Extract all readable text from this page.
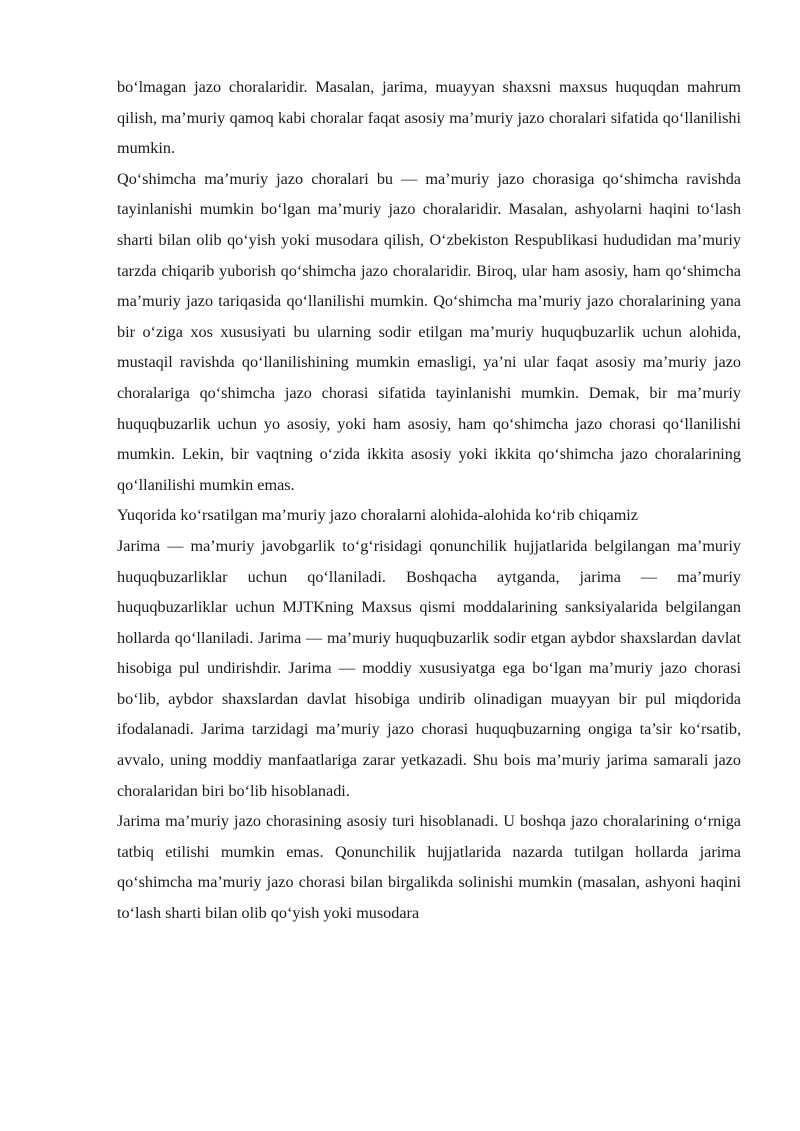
bo‘lmagan jazo choralaridir. Masalan, jarima, muayyan shaxsni maxsus huquqdan mahrum qilish, ma’muriy qamoq kabi choralar faqat asosiy ma’muriy jazo choralari sifatida qo‘llanilishi mumkin.

Qo‘shimcha ma’muriy jazo choralari bu — ma’muriy jazo chorasiga qo‘shimcha ravishda tayinlanishi mumkin bo‘lgan ma’muriy jazo choralaridir. Masalan, ashyolarni haqini to‘lash sharti bilan olib qo‘yish yoki musodara qilish, O‘zbekiston Respublikasi hududidan ma’muriy tarzda chiqarib yuborish qo‘shimcha jazo choralaridir. Biroq, ular ham asosiy, ham qo‘shimcha ma’muriy jazo tariqasida qo‘llanilishi mumkin. Qo‘shimcha ma’muriy jazo choralarining yana bir o‘ziga xos xususiyati bu ularning sodir etilgan ma’muriy huquqbuzarlik uchun alohida, mustaqil ravishda qo‘llanilishining mumkin emasligi, ya’ni ular faqat asosiy ma’muriy jazo choralariga qo‘shimcha jazo chorasi sifatida tayinlanishi mumkin. Demak, bir ma’muriy huquqbuzarlik uchun yo asosiy, yoki ham asosiy, ham qo‘shimcha jazo chorasi qo‘llanilishi mumkin. Lekin, bir vaqtning o‘zida ikkita asosiy yoki ikkita qo‘shimcha jazo choralarining qo‘llanilishi mumkin emas.

Yuqorida ko‘rsatilgan ma’muriy jazo choralarni alohida-alohida ko‘rib chiqamiz

Jarima — ma’muriy javobgarlik to‘g‘risidagi qonunchilik hujjatlarida belgilangan ma’muriy huquqbuzarliklar uchun qo‘llaniladi. Boshqacha aytganda, jarima — ma’muriy huquqbuzarliklar uchun MJTKning Maxsus qismi moddalarining sanksiyalarida belgilangan hollarda qo‘llaniladi. Jarima — ma’muriy huquqbuzarlik sodir etgan aybdor shaxslardan davlat hisobiga pul undirishdir. Jarima — moddiy xususiyatga ega bo‘lgan ma’muriy jazo chorasi bo‘lib, aybdor shaxslardan davlat hisobiga undirib olinadigan muayyan bir pul miqdorida ifodalanadi. Jarima tarzidagi ma’muriy jazo chorasi huquqbuzarning ongiga ta’sir ko‘rsatib, avvalo, uning moddiy manfaatlariga zarar yetkazadi. Shu bois ma’muriy jarima samarali jazo choralaridan biri bo‘lib hisoblanadi.

Jarima ma’muriy jazo chorasining asosiy turi hisoblanadi. U boshqa jazo choralarining o‘rniga tatbiq etilishi mumkin emas. Qonunchilik hujjatlarida nazarda tutilgan hollarda jarima qo‘shimcha ma’muriy jazo chorasi bilan birgalikda solinishi mumkin (masalan, ashyoni haqini to‘lash sharti bilan olib qo‘yish yoki musodara
